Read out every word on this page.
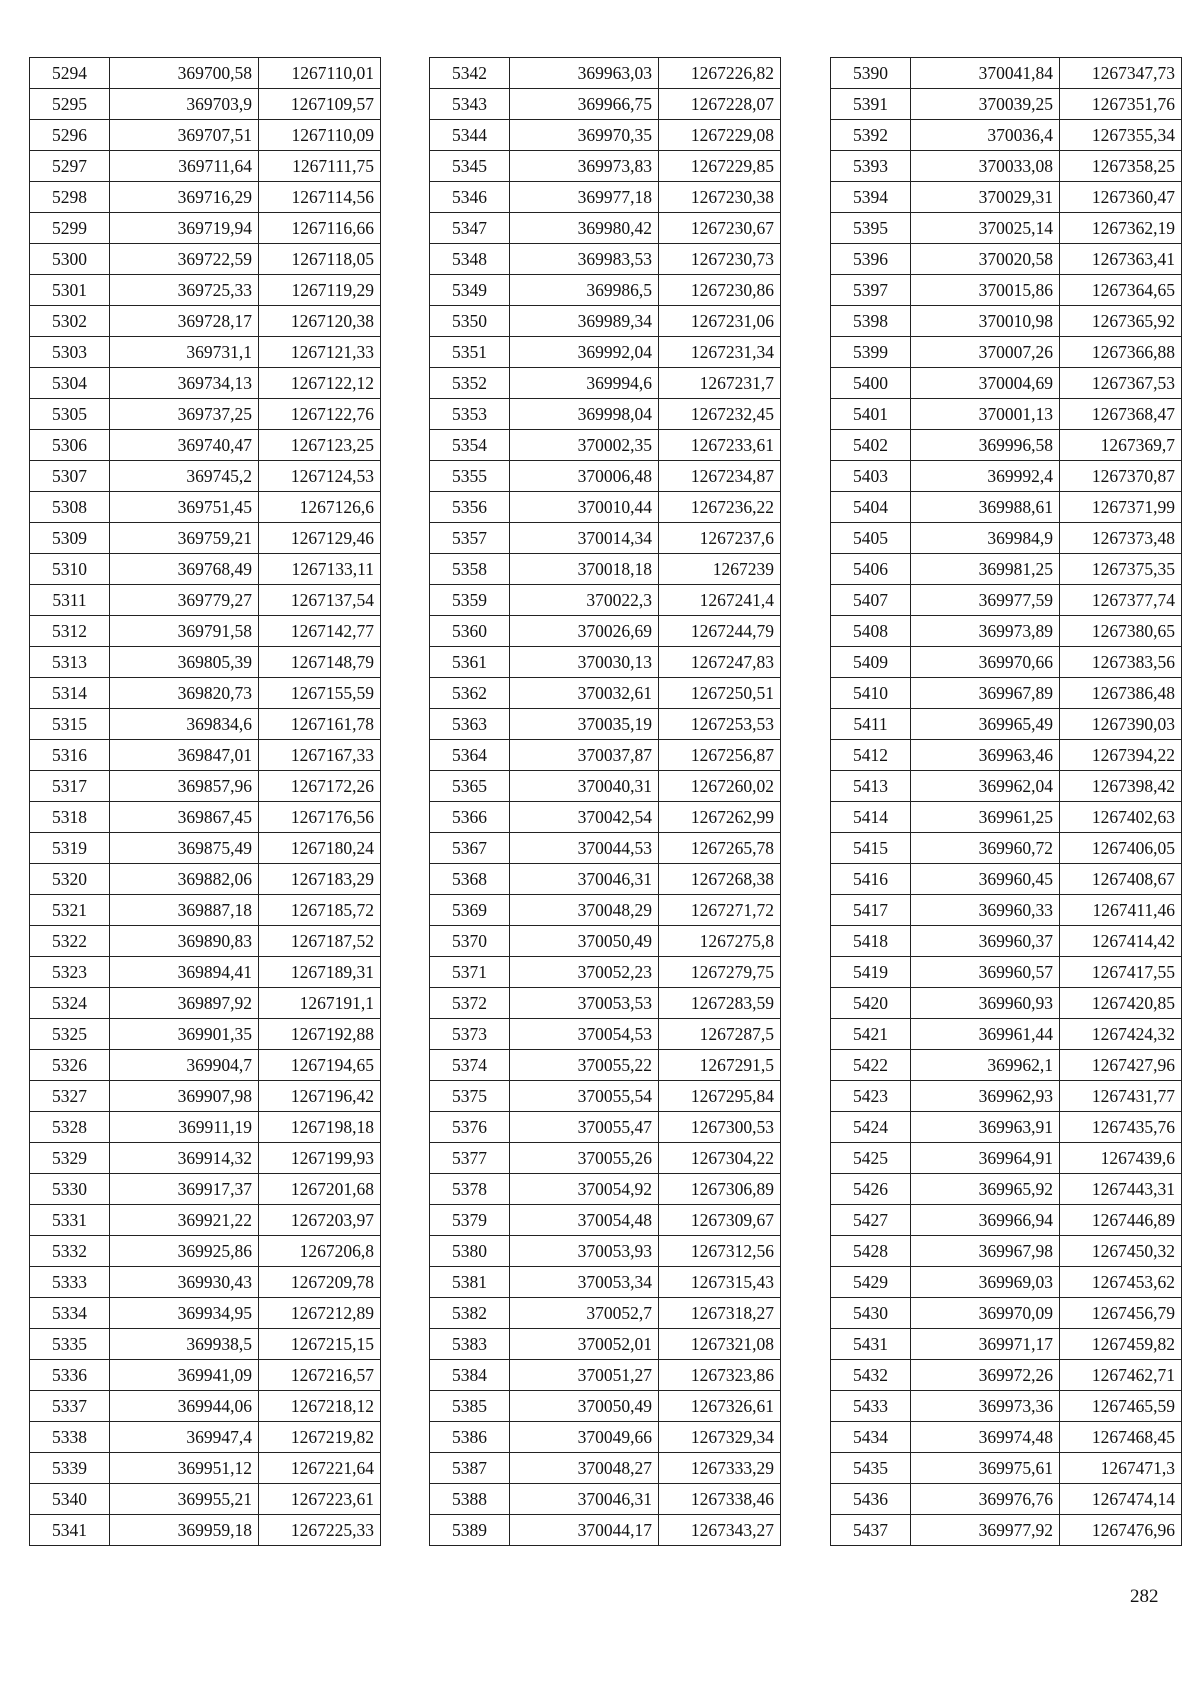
5294	369700,58	1267110,01
5295	369703,9	1267109,57
5296	369707,51	1267110,09
5297	369711,64	1267111,75
5298	369716,29	1267114,56
5299	369719,94	1267116,66
5300	369722,59	1267118,05
5301	369725,33	1267119,29
5302	369728,17	1267120,38
5303	369731,1	1267121,33
5304	369734,13	1267122,12
5305	369737,25	1267122,76
5306	369740,47	1267123,25
5307	369745,2	1267124,53
5308	369751,45	1267126,6
5309	369759,21	1267129,46
5310	369768,49	1267133,11
5311	369779,27	1267137,54
5312	369791,58	1267142,77
5313	369805,39	1267148,79
5314	369820,73	1267155,59
5315	369834,6	1267161,78
5316	369847,01	1267167,33
5317	369857,96	1267172,26
5318	369867,45	1267176,56
5319	369875,49	1267180,24
5320	369882,06	1267183,29
5321	369887,18	1267185,72
5322	369890,83	1267187,52
5323	369894,41	1267189,31
5324	369897,92	1267191,1
5325	369901,35	1267192,88
5326	369904,7	1267194,65
5327	369907,98	1267196,42
5328	369911,19	1267198,18
5329	369914,32	1267199,93
5330	369917,37	1267201,68
5331	369921,22	1267203,97
5332	369925,86	1267206,8
5333	369930,43	1267209,78
5334	369934,95	1267212,89
5335	369938,5	1267215,15
5336	369941,09	1267216,57
5337	369944,06	1267218,12
5338	369947,4	1267219,82
5339	369951,12	1267221,64
5340	369955,21	1267223,61
5341	369959,18	1267225,33
5342	369963,03	1267226,82
5343	369966,75	1267228,07
5344	369970,35	1267229,08
5345	369973,83	1267229,85
5346	369977,18	1267230,38
5347	369980,42	1267230,67
5348	369983,53	1267230,73
5349	369986,5	1267230,86
5350	369989,34	1267231,06
5351	369992,04	1267231,34
5352	369994,6	1267231,7
5353	369998,04	1267232,45
5354	370002,35	1267233,61
5355	370006,48	1267234,87
5356	370010,44	1267236,22
5357	370014,34	1267237,6
5358	370018,18	1267239
5359	370022,3	1267241,4
5360	370026,69	1267244,79
5361	370030,13	1267247,83
5362	370032,61	1267250,51
5363	370035,19	1267253,53
5364	370037,87	1267256,87
5365	370040,31	1267260,02
5366	370042,54	1267262,99
5367	370044,53	1267265,78
5368	370046,31	1267268,38
5369	370048,29	1267271,72
5370	370050,49	1267275,8
5371	370052,23	1267279,75
5372	370053,53	1267283,59
5373	370054,53	1267287,5
5374	370055,22	1267291,5
5375	370055,54	1267295,84
5376	370055,47	1267300,53
5377	370055,26	1267304,22
5378	370054,92	1267306,89
5379	370054,48	1267309,67
5380	370053,93	1267312,56
5381	370053,34	1267315,43
5382	370052,7	1267318,27
5383	370052,01	1267321,08
5384	370051,27	1267323,86
5385	370050,49	1267326,61
5386	370049,66	1267329,34
5387	370048,27	1267333,29
5388	370046,31	1267338,46
5389	370044,17	1267343,27
5390	370041,84	1267347,73
5391	370039,25	1267351,76
5392	370036,4	1267355,34
5393	370033,08	1267358,25
5394	370029,31	1267360,47
5395	370025,14	1267362,19
5396	370020,58	1267363,41
5397	370015,86	1267364,65
5398	370010,98	1267365,92
5399	370007,26	1267366,88
5400	370004,69	1267367,53
5401	370001,13	1267368,47
5402	369996,58	1267369,7
5403	369992,4	1267370,87
5404	369988,61	1267371,99
5405	369984,9	1267373,48
5406	369981,25	1267375,35
5407	369977,59	1267377,74
5408	369973,89	1267380,65
5409	369970,66	1267383,56
5410	369967,89	1267386,48
5411	369965,49	1267390,03
5412	369963,46	1267394,22
5413	369962,04	1267398,42
5414	369961,25	1267402,63
5415	369960,72	1267406,05
5416	369960,45	1267408,67
5417	369960,33	1267411,46
5418	369960,37	1267414,42
5419	369960,57	1267417,55
5420	369960,93	1267420,85
5421	369961,44	1267424,32
5422	369962,1	1267427,96
5423	369962,93	1267431,77
5424	369963,91	1267435,76
5425	369964,91	1267439,6
5426	369965,92	1267443,31
5427	369966,94	1267446,89
5428	369967,98	1267450,32
5429	369969,03	1267453,62
5430	369970,09	1267456,79
5431	369971,17	1267459,82
5432	369972,26	1267462,71
5433	369973,36	1267465,59
5434	369974,48	1267468,45
5435	369975,61	1267471,3
5436	369976,76	1267474,14
5437	369977,92	1267476,96
282
